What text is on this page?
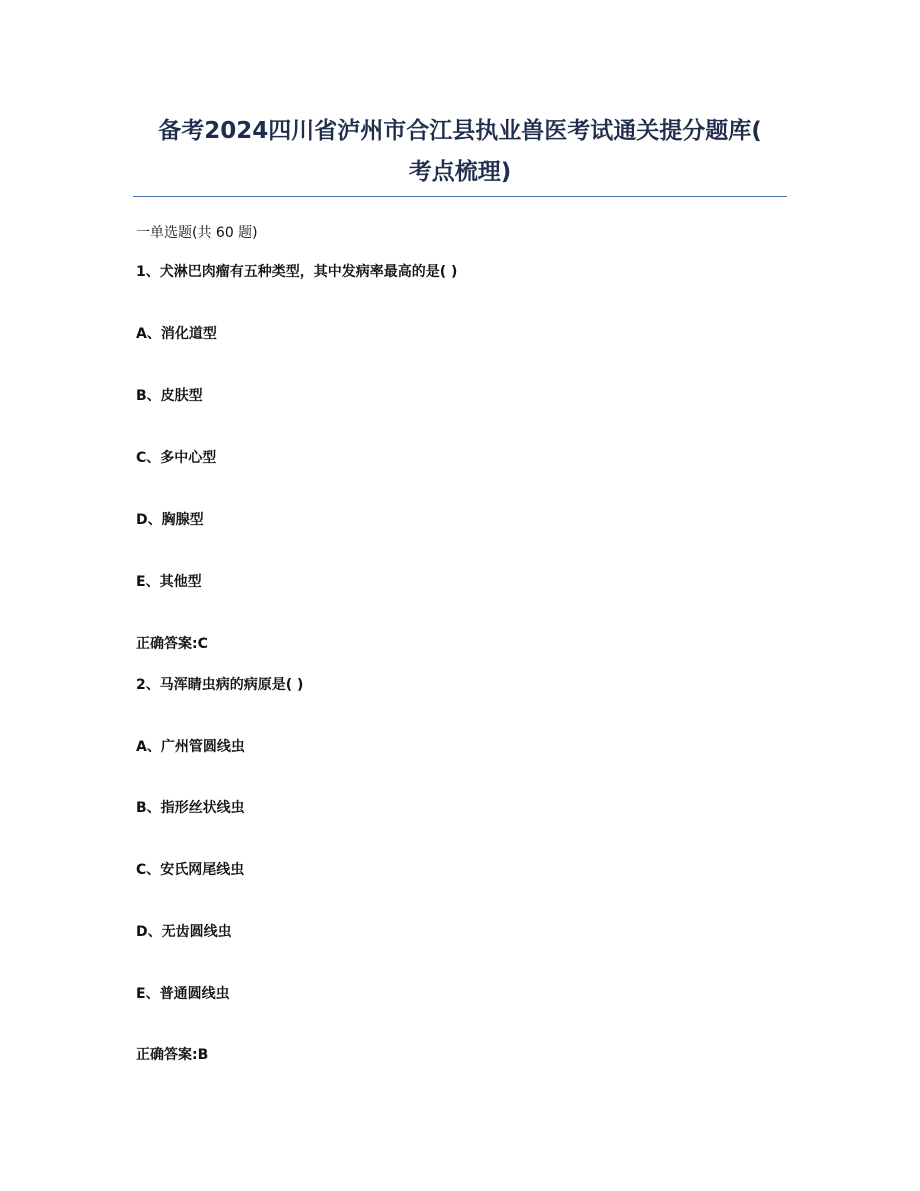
备考2024四川省泸州市合江县执业兽医考试通关提分题库(
考点梳理)
一单选题(共 60 题)
1、犬淋巴肉瘤有五种类型，其中发病率最高的是( )
A、消化道型
B、皮肤型
C、多中心型
D、胸腺型
E、其他型
正确答案:C
2、马浑睛虫病的病原是( )
A、广州管圆线虫
B、指形丝状线虫
C、安氏网尾线虫
D、无齿圆线虫
E、普通圆线虫
正确答案:B
